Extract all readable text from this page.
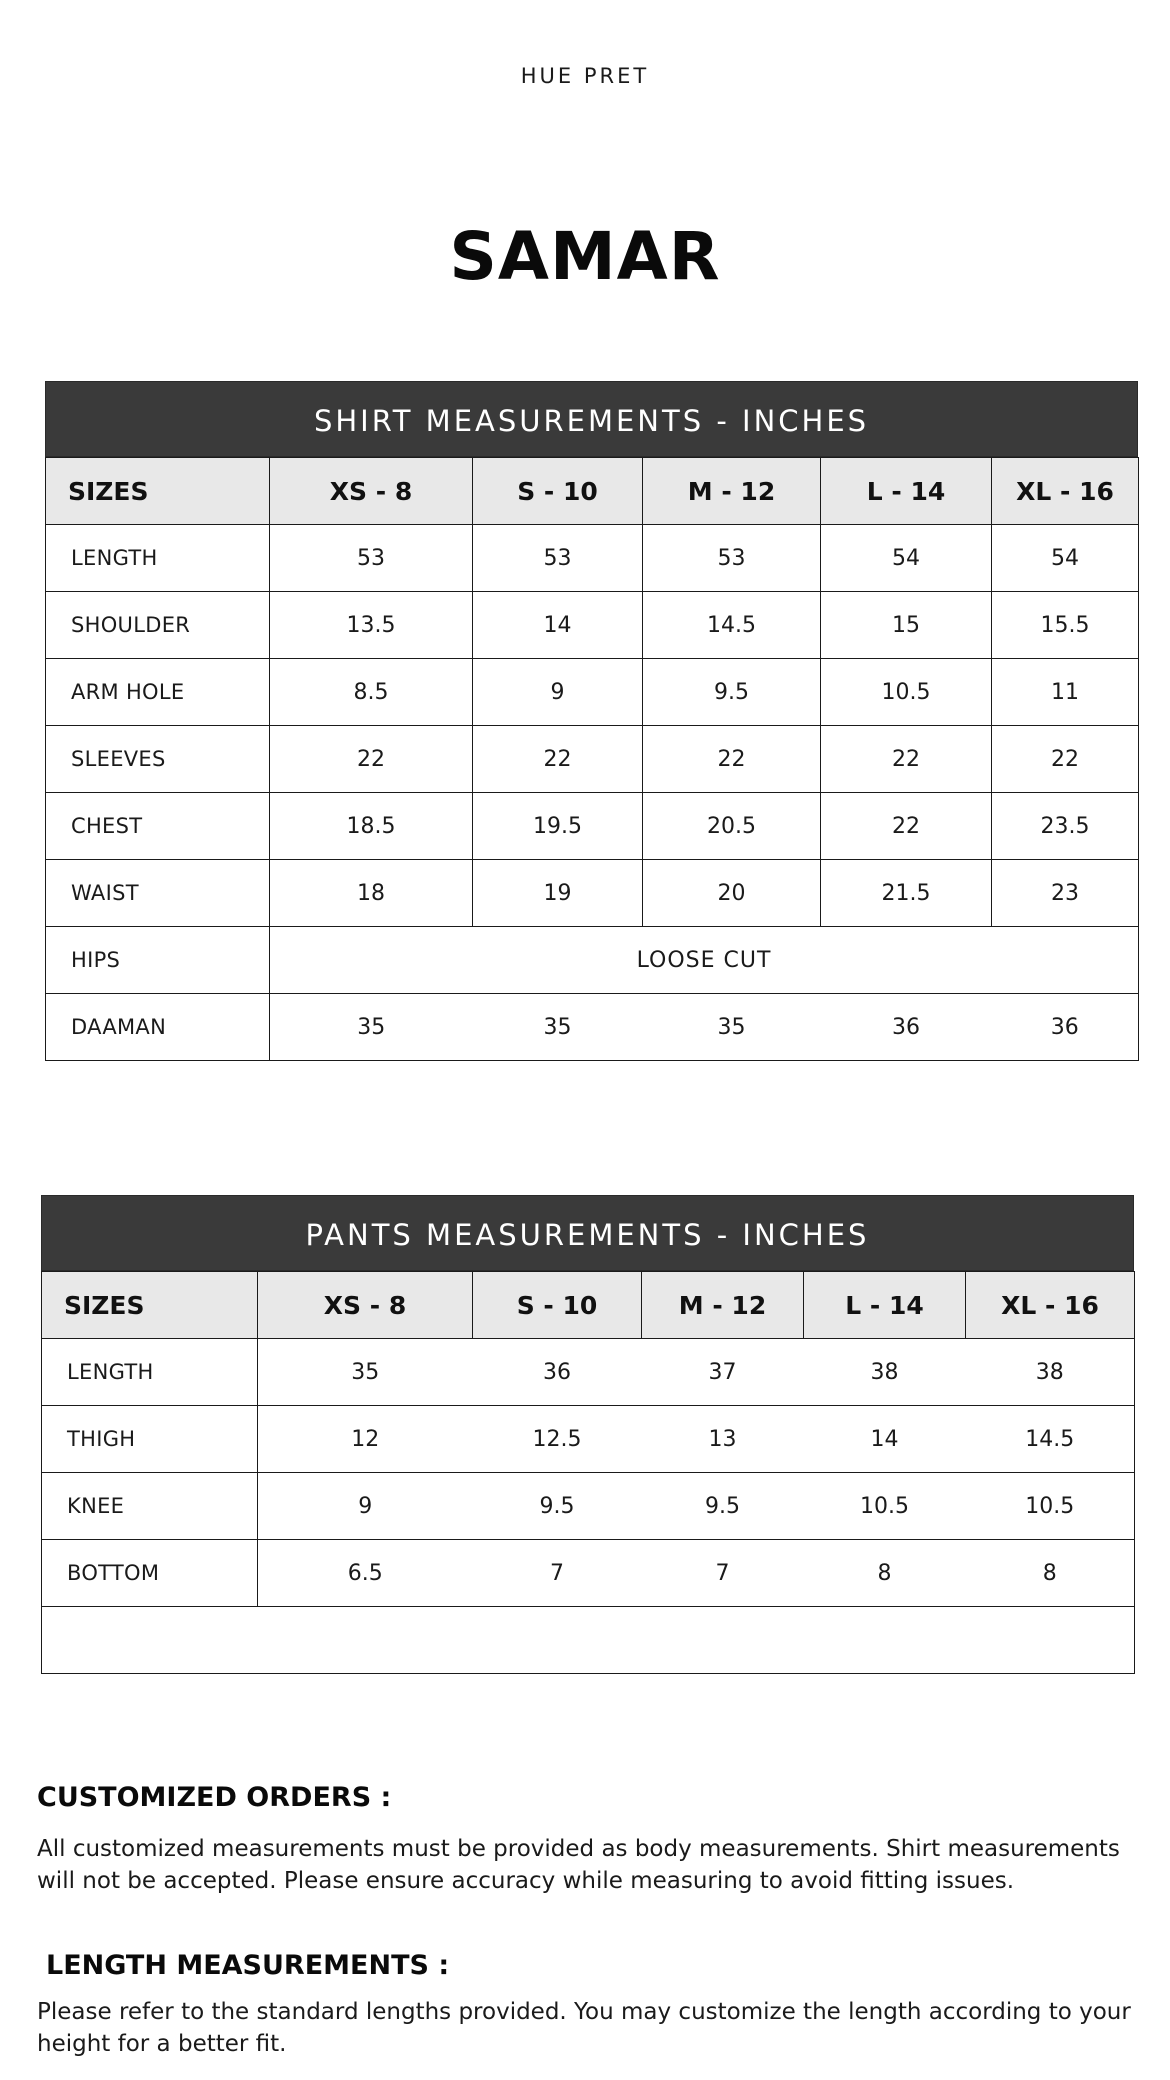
HUE PRET
SAMAR
SHIRT MEASUREMENTS - INCHES
SIZES	XS - 8	S - 10	M - 12	L - 14	XL - 16
LENGTH	53	53	53	54	54
SHOULDER	13.5	14	14.5	15	15.5
ARM HOLE	8.5	9	9.5	10.5	11
SLEEVES	22	22	22	22	22
CHEST	18.5	19.5	20.5	22	23.5
WAIST	18	19	20	21.5	23
HIPS	LOOSE CUT				
DAAMAN	35	35	35	36	36
PANTS MEASUREMENTS - INCHES
SIZES	XS - 8	S - 10	M - 12	L - 14	XL - 16
LENGTH	35	36	37	38	38
THIGH	12	12.5	13	14	14.5
KNEE	9	9.5	9.5	10.5	10.5
BOTTOM	6.5	7	7	8	8

CUSTOMIZED ORDERS :

All customized measurements must be provided as body measurements. Shirt measurements will not be accepted. Please ensure accuracy while measuring to avoid fitting issues.

LENGTH MEASUREMENTS :

Please refer to the standard lengths provided. You may customize the length according to your height for a better fit.
